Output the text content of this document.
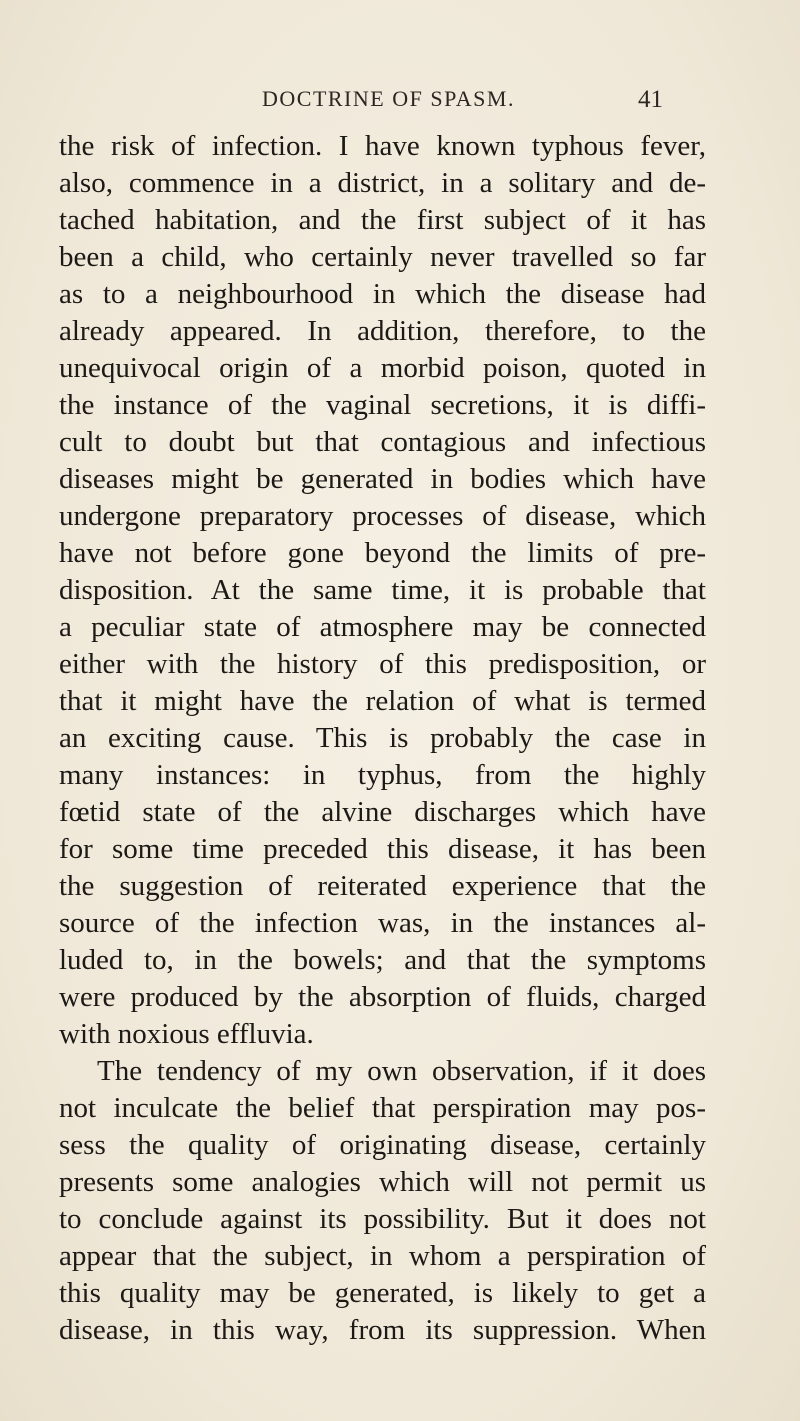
DOCTRINE OF SPASM.	41
the risk of infection. I have known typhous fever,
also, commence in a district, in a solitary and de-
tached habitation, and the first subject of it has
been a child, who certainly never travelled so far
as to a neighbourhood in which the disease had
already appeared. In addition, therefore, to the
unequivocal origin of a morbid poison, quoted in
the instance of the vaginal secretions, it is diffi-
cult to doubt but that contagious and infectious
diseases might be generated in bodies which have
undergone preparatory processes of disease, which
have not before gone beyond the limits of pre-
disposition. At the same time, it is probable that
a peculiar state of atmosphere may be connected
either with the history of this predisposition, or
that it might have the relation of what is termed
an exciting cause. This is probably the case in
many instances: in typhus, from the highly
fœtid state of the alvine discharges which have
for some time preceded this disease, it has been
the suggestion of reiterated experience that the
source of the infection was, in the instances al-
luded to, in the bowels; and that the symptoms
were produced by the absorption of fluids, charged
with noxious effluvia.
The tendency of my own observation, if it does
not inculcate the belief that perspiration may pos-
sess the quality of originating disease, certainly
presents some analogies which will not permit us
to conclude against its possibility. But it does not
appear that the subject, in whom a perspiration of
this quality may be generated, is likely to get a
disease, in this way, from its suppression. When
